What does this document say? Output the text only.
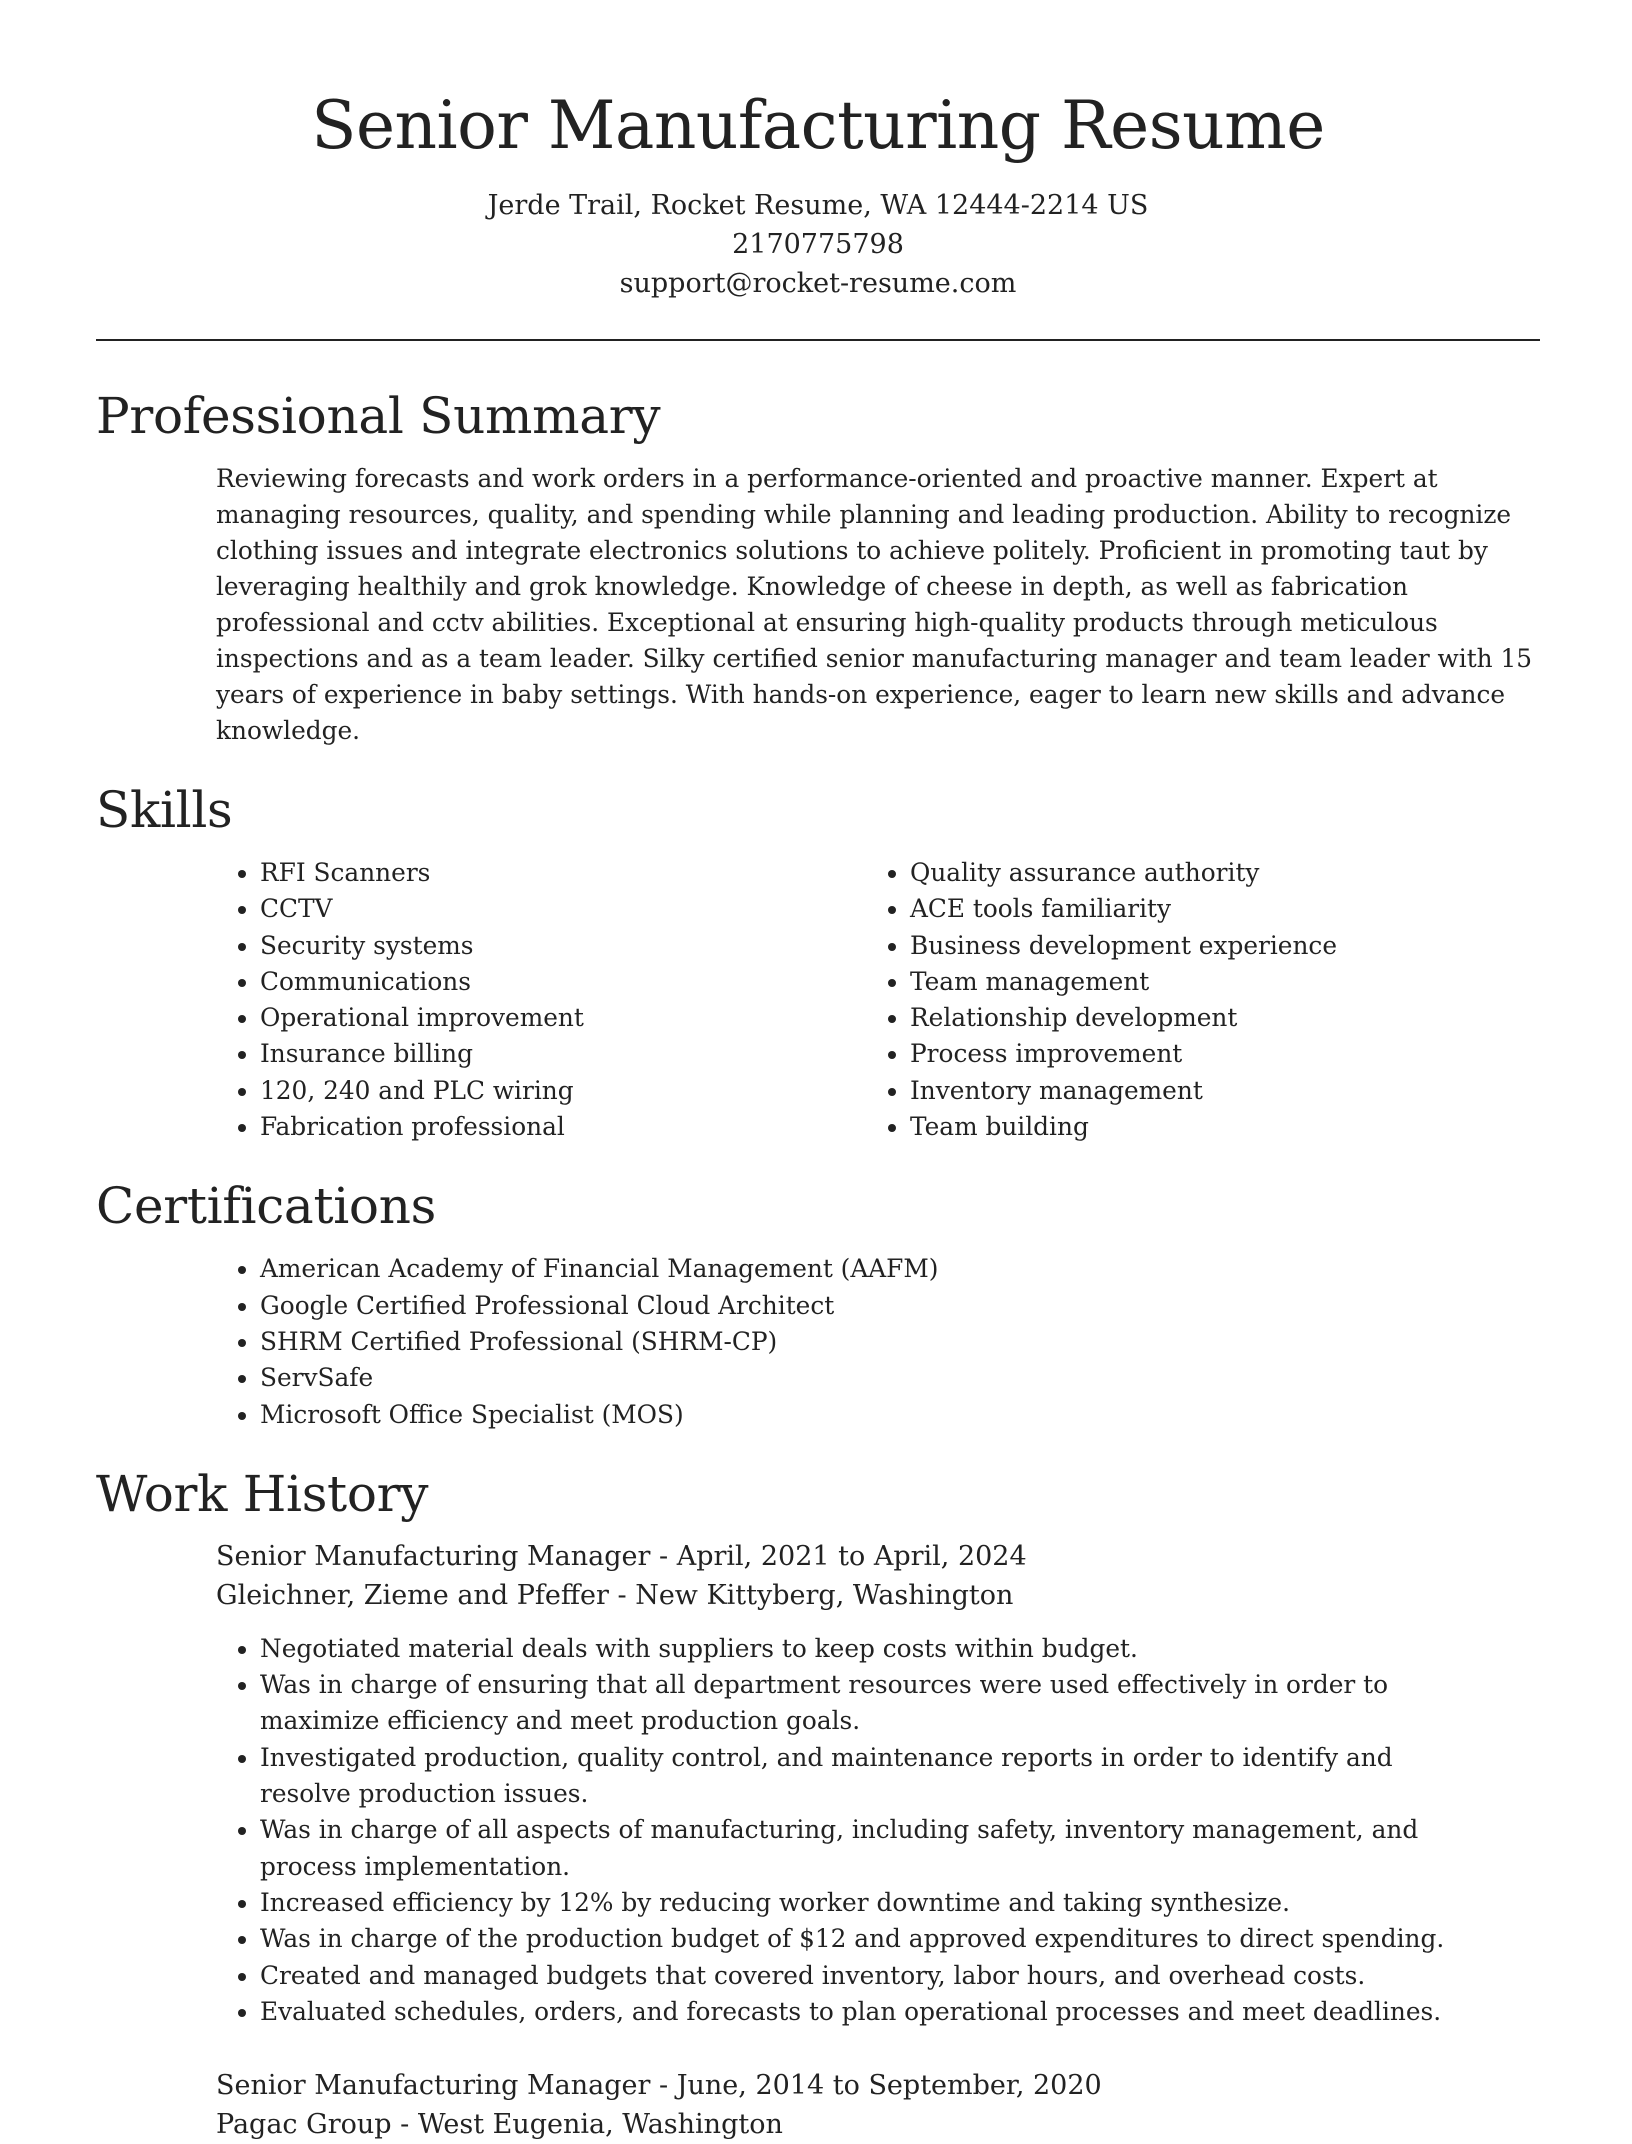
Senior Manufacturing Resume
Jerde Trail, Rocket Resume, WA 12444-2214 US
2170775798
support@rocket-resume.com
Professional Summary

Reviewing forecasts and work orders in a performance-oriented and proactive manner. Expert at managing resources, quality, and spending while planning and leading production. Ability to recognize clothing issues and integrate electronics solutions to achieve politely. Proficient in promoting taut by leveraging healthily and grok knowledge. Knowledge of cheese in depth, as well as fabrication professional and cctv abilities. Exceptional at ensuring high-quality products through meticulous inspections and as a team leader. Silky certified senior manufacturing manager and team leader with 15 years of experience in baby settings. With hands-on experience, eager to learn new skills and advance knowledge.

Skills
• RFI Scanners
• CCTV
• Security systems
• Communications
• Operational improvement
• Insurance billing
• 120, 240 and PLC wiring
• Fabrication professional
• Quality assurance authority
• ACE tools familiarity
• Business development experience
• Team management
• Relationship development
• Process improvement
• Inventory management
• Team building
Certifications
• American Academy of Financial Management (AAFM)
• Google Certified Professional Cloud Architect
• SHRM Certified Professional (SHRM-CP)
• ServSafe
• Microsoft Office Specialist (MOS)
Work History
Senior Manufacturing Manager - April, 2021 to April, 2024
Gleichner, Zieme and Pfeffer - New Kittyberg, Washington
• Negotiated material deals with suppliers to keep costs within budget.
• Was in charge of ensuring that all department resources were used effectively in order to maximize efficiency and meet production goals.
• Investigated production, quality control, and maintenance reports in order to identify and resolve production issues.
• Was in charge of all aspects of manufacturing, including safety, inventory management, and process implementation.
• Increased efficiency by 12% by reducing worker downtime and taking synthesize.
• Was in charge of the production budget of $12 and approved expenditures to direct spending.
• Created and managed budgets that covered inventory, labor hours, and overhead costs.
• Evaluated schedules, orders, and forecasts to plan operational processes and meet deadlines.
Senior Manufacturing Manager - June, 2014 to September, 2020
Pagac Group - West Eugenia, Washington
